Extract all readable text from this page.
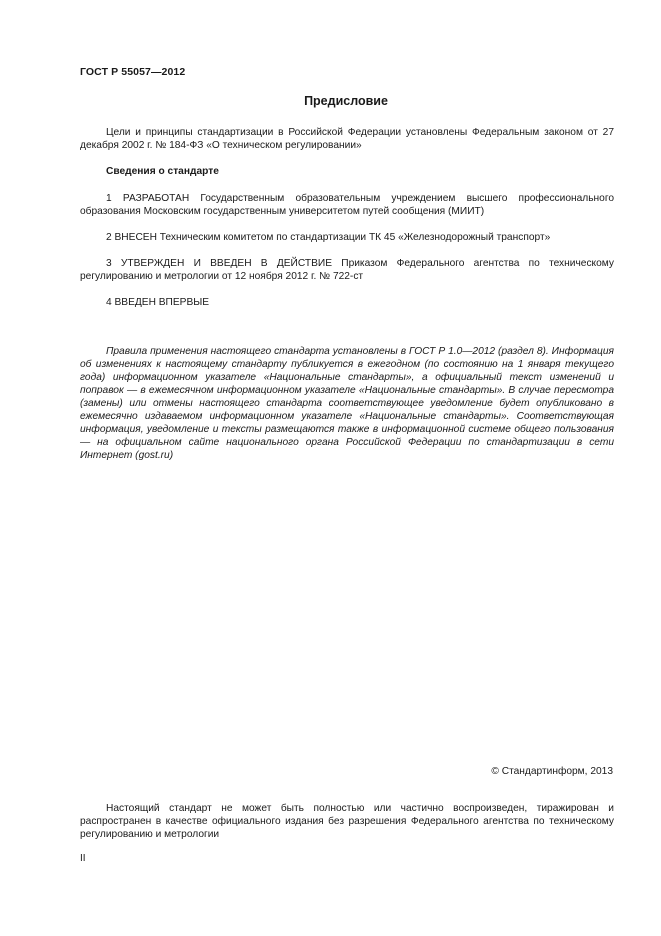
ГОСТ Р 55057—2012
Предисловие
Цели и принципы стандартизации в Российской Федерации установлены Федеральным законом от 27 декабря 2002 г. № 184-ФЗ «О техническом регулировании»
Сведения о стандарте
1 РАЗРАБОТАН Государственным образовательным учреждением высшего профессионального образования Московским государственным университетом путей сообщения (МИИТ)
2 ВНЕСЕН Техническим комитетом по стандартизации ТК 45 «Железнодорожный транспорт»
3 УТВЕРЖДЕН И ВВЕДЕН В ДЕЙСТВИЕ Приказом Федерального агентства по техническому регулированию и метрологии от 12 ноября 2012 г. № 722-ст
4 ВВЕДЕН ВПЕРВЫЕ
Правила применения настоящего стандарта установлены в ГОСТ Р 1.0—2012 (раздел 8). Информация об изменениях к настоящему стандарту публикуется в ежегодном (по состоянию на 1 января текущего года) информационном указателе «Национальные стандарты», а официальный текст изменений и поправок — в ежемесячном информационном указателе «Национальные стандарты». В случае пересмотра (замены) или отмены настоящего стандарта соответствующее уведомление будет опубликовано в ежемесячно издаваемом информационном указателе «Национальные стандарты». Соответствующая информация, уведомление и тексты размещаются также в информационной системе общего пользования — на официальном сайте национального органа Российской Федерации по стандартизации в сети Интернет (gost.ru)
© Стандартинформ, 2013
Настоящий стандарт не может быть полностью или частично воспроизведен, тиражирован и распространен в качестве официального издания без разрешения Федерального агентства по техническому регулированию и метрологии
II
